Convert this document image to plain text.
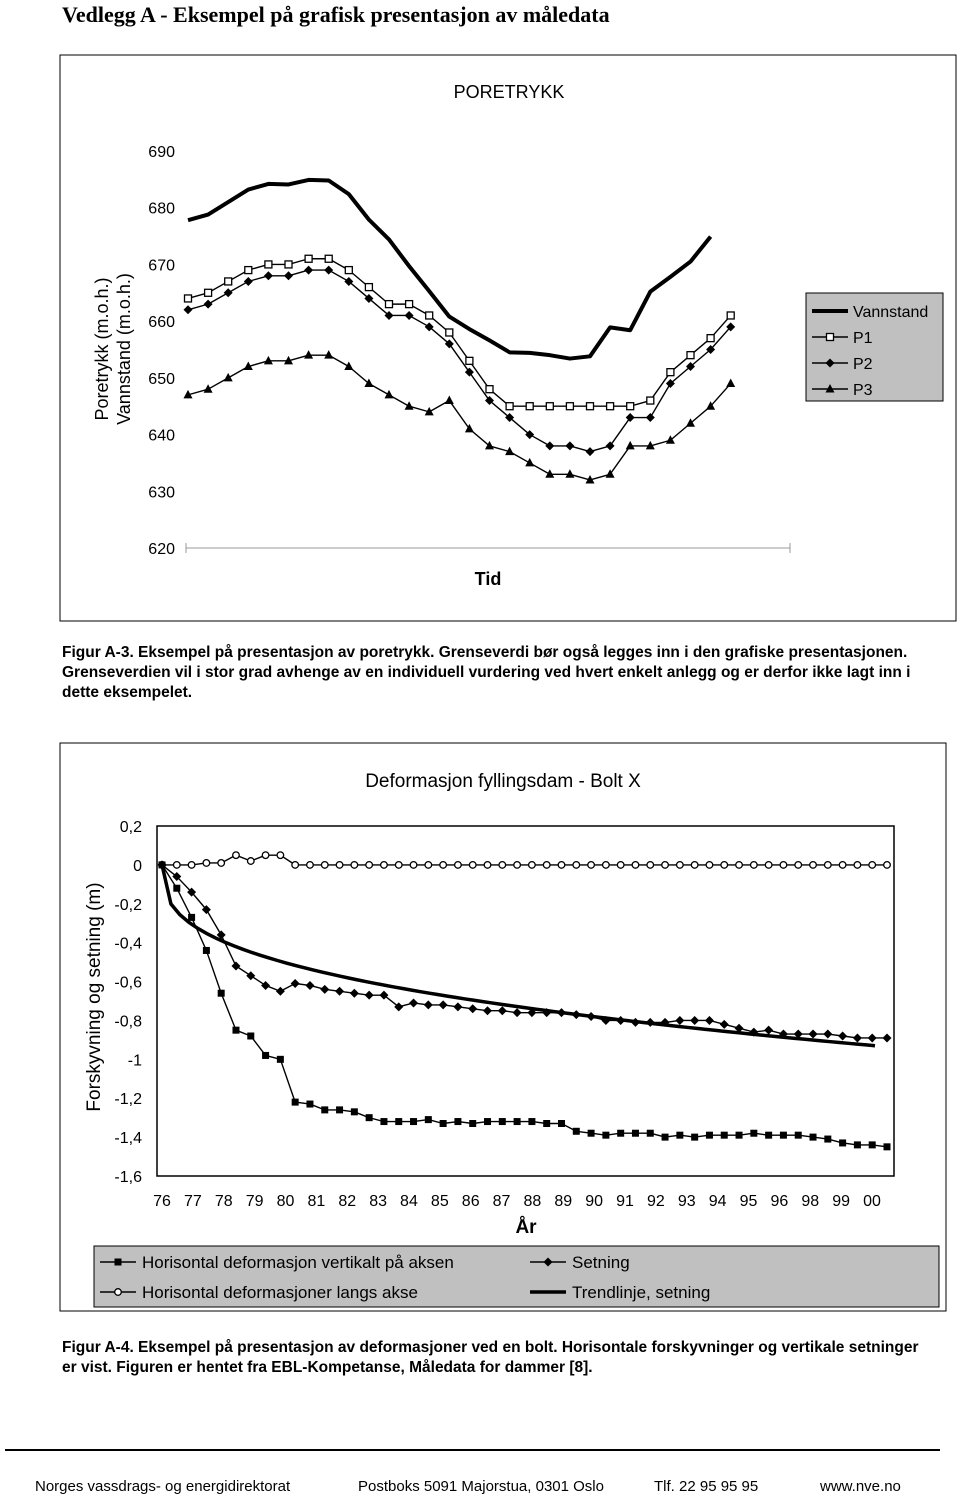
Vedlegg A - Eksempel på grafisk presentasjon av måledata
PORETRYKK
Poretrykk (m.o.h.) Vannstand (m.o.h.)
Tid
690
680
670
660
650
640
630
620
Vannstand
P1
P2
P3
Figur A-3. Eksempel på presentasjon av poretrykk. Grenseverdi bør også legges inn i den grafiske presentasjonen. Grenseverdien vil i stor grad avhenge av en individuell vurdering ved hvert enkelt anlegg og er derfor ikke lagt inn i dette eksempelet.
Deformasjon fyllingsdam - Bolt X
Forskyvning og setning (m)
0,2
0
-0,2
-0,4
-0,6
-0,8
-1
-1,2
-1,4
-1,6
76 77 78 79 80 81 82 83 84 85 86 87 88 89 90 91 92 93 94 95 96 98 99 00
År
Horisontal deformasjon vertikalt på aksen
Horisontal deformasjoner langs akse
Setning
Trendlinje, setning
Figur A-4. Eksempel på presentasjon av deformasjoner ved en bolt. Horisontale forskyvninger og vertikale setninger er vist. Figuren er hentet fra EBL-Kompetanse, Måledata for dammer [8].
Norges vassdrags- og energidirektorat	Postboks 5091 Majorstua, 0301 Oslo	Tlf. 22 95 95 95	www.nve.no
